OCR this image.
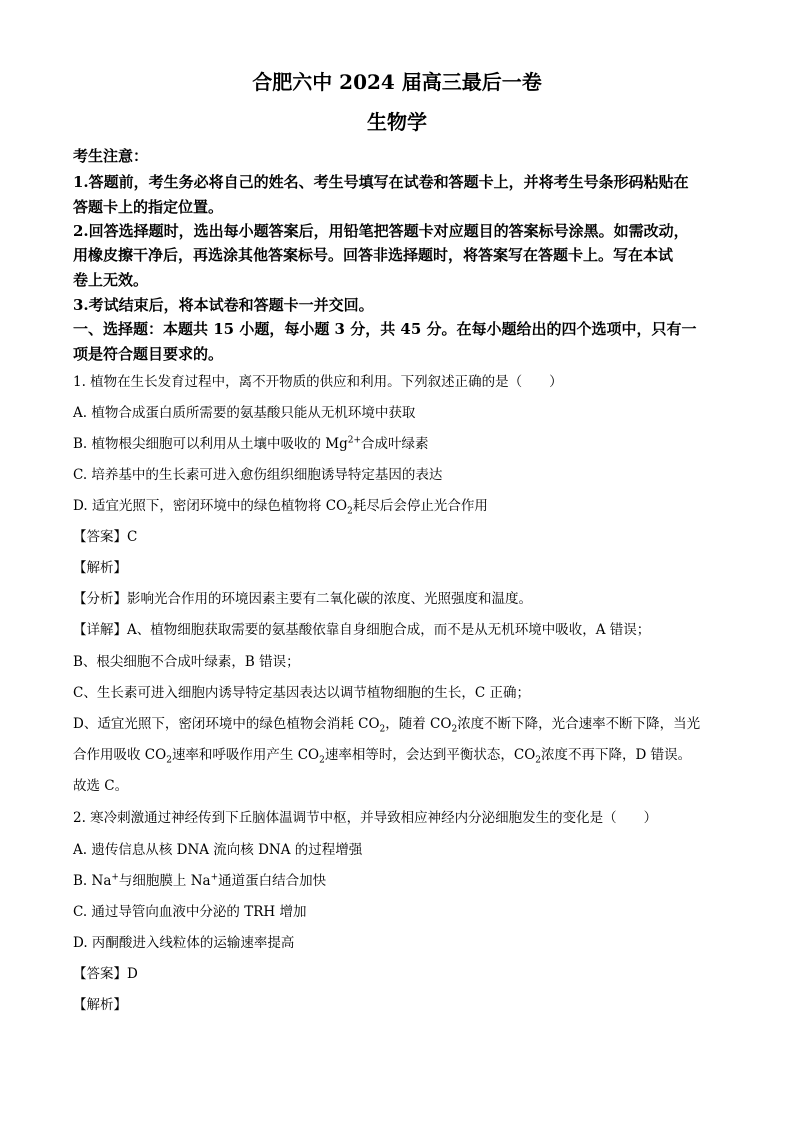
合肥六中 2024 届高三最后一卷
生物学
考生注意：
1.答题前，考生务必将自己的姓名、考生号填写在试卷和答题卡上，并将考生号条形码粘贴在
答题卡上的指定位置。
2.回答选择题时，选出每小题答案后，用铅笔把答题卡对应题目的答案标号涂黑。如需改动，
用橡皮擦干净后，再选涂其他答案标号。回答非选择题时，将答案写在答题卡上。写在本试
卷上无效。
3.考试结束后，将本试卷和答题卡一并交回。
一、选择题：本题共 15 小题，每小题 3 分，共 45 分。在每小题给出的四个选项中，只有一
项是符合题目要求的。
1. 植物在生长发育过程中，离不开物质的供应和利用。下列叙述正确的是（　　）
A. 植物合成蛋白质所需要的氨基酸只能从无机环境中获取
B. 植物根尖细胞可以利用从土壤中吸收的 $Mg^{2+}$合成叶绿素
C. 培养基中的生长素可进入愈伤组织细胞诱导特定基因的表达
D. 适宜光照下，密闭环境中的绿色植物将 $CO_2$耗尽后会停止光合作用
【答案】C
【解析】
【分析】影响光合作用的环境因素主要有二氧化碳的浓度、光照强度和温度。
【详解】A、植物细胞获取需要的氨基酸依靠自身细胞合成，而不是从无机环境中吸收，A 错误；
B、根尖细胞不合成叶绿素，B 错误；
C、生长素可进入细胞内诱导特定基因表达以调节植物细胞的生长，C 正确；
D、适宜光照下，密闭环境中的绿色植物会消耗 $CO_2$，随着 $CO_2$浓度不断下降，光合速率不断下降，当光
合作用吸收 $CO_2$速率和呼吸作用产生 $CO_2$速率相等时，会达到平衡状态，$CO_2$浓度不再下降，D 错误。
故选 C。
2. 寒冷刺激通过神经传到下丘脑体温调节中枢，并导致相应神经内分泌细胞发生的变化是（　　）
A. 遗传信息从核 DNA 流向核 DNA 的过程增强
B. Na+与细胞膜上 Na+通道蛋白结合加快
C. 通过导管向血液中分泌的 TRH 增加
D. 丙酮酸进入线粒体的运输速率提高
【答案】D
【解析】
